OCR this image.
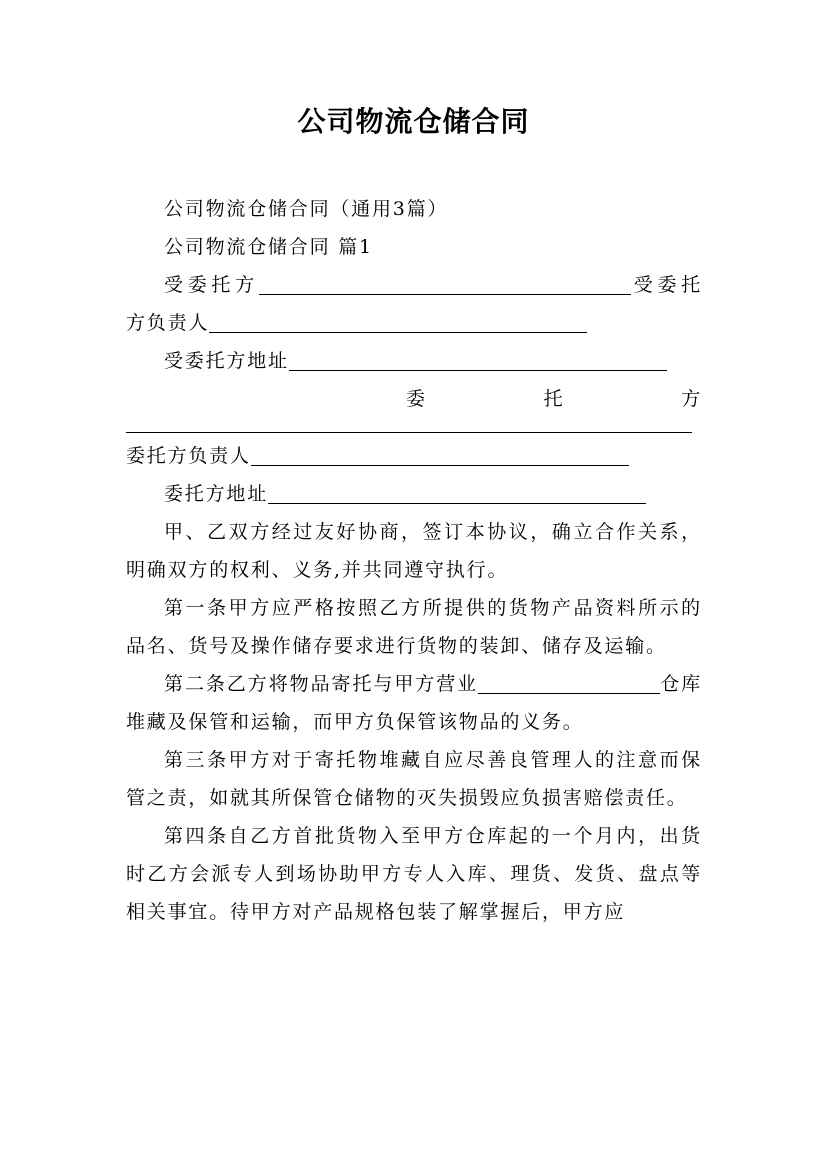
公司物流仓储合同

公司物流仓储合同（通用3篇）

公司物流仓储合同 篇1

受委托方	受委托方负责人

受委托方地址

委	托	方

委托方负责人

委托方地址

甲、乙双方经过友好协商，签订本协议，确立合作关系，明确双方的权利、义务,并共同遵守执行。

第一条甲方应严格按照乙方所提供的货物产品资料所示的品名、货号及操作储存要求进行货物的装卸、储存及运输。

第二条乙方将物品寄托与甲方营业	仓库堆藏及保管和运输，而甲方负保管该物品的义务。

第三条甲方对于寄托物堆藏自应尽善良管理人的注意而保管之责，如就其所保管仓储物的灭失损毁应负损害赔偿责任。

第四条自乙方首批货物入至甲方仓库起的一个月内，出货时乙方会派专人到场协助甲方专人入库、理货、发货、盘点等相关事宜。待甲方对产品规格包装了解掌握后，甲方应
